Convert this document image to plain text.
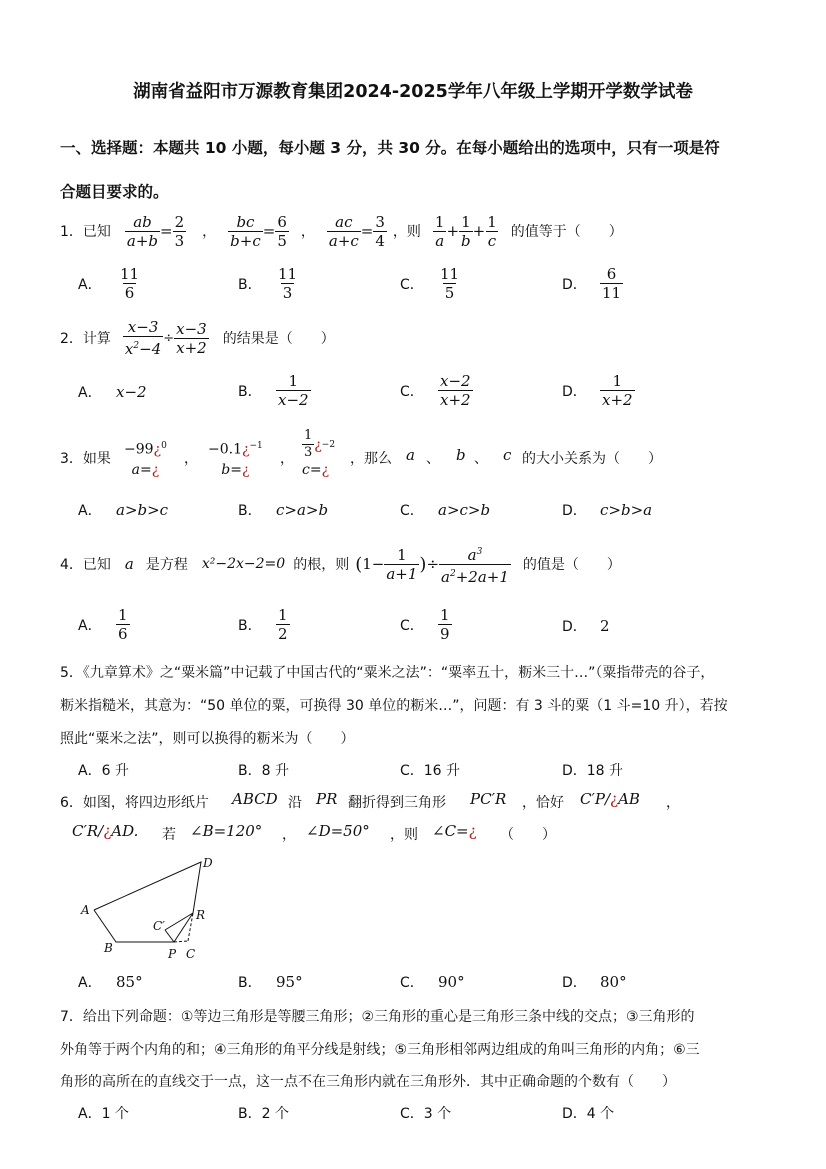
湖南省益阳市万源教育集团2024-2025学年八年级上学期开学数学试卷
一、选择题：本题共 10 小题，每小题 3 分，共 30 分。在每小题给出的选项中，只有一项是符
合题目要求的。
1．已知 $\frac{ab}{a+b} = \frac{2}{3}$ ， $\frac{bc}{b+c} = \frac{6}{5}$ ， $\frac{ac}{a+c} = \frac{3}{4}$ ，则 $\frac{1}{a} + \frac{1}{b} + \frac{1}{c}$ 的值等于（　　）
A．	$\frac{11}{6}$	B． $\frac{11}{3}$	C． $\frac{11}{5}$	D． $\frac{6}{11}$
2．计算 $\frac{x-3}{x^2-4} \div \frac{x-3}{x+2}$ 的结果是（　　）
A． x−2	B． $\frac{1}{x-2}$	C． $\frac{x-2}{x+2}$	D． $\frac{1}{x+2}$
3．如果
−99¿$^0$
a=¿
，
−0.1¿$^{-1}$
b=¿
， $\frac{1}{3}$ ¿ −2
c=¿
，那么 a 、 b 、 c 的大小关系为（　　）
A． a>b>c	B． c>a>b	C． a>c>b	D． c>b>a
4．已知 a 是方程 x²−2x−2=0 的根，则 ( $1- \frac{1}{a+1}$ ) ÷ $\frac{a^3}{a^2+2a+1}$ 的值是（　　）
A． $\frac{1}{6}$	B． $\frac{1}{2}$	C． $\frac{1}{9}$	D． 2
5．《九章算术》之“粟米篇”中记载了中国古代的“粟米之法”：“粟率五十，粝米三十…”（粟指带壳的谷子，
粝米指糙米，其意为：“50 单位的粟，可换得 30 单位的粝米…”，问题：有 3 斗的粟（1 斗=10 升），若按
照此“粟米之法”，则可以换得的粝米为（　　）
A．6 升	B．8 升	C．16 升	D．18 升
6．如图，将四边形纸片 ABCD 沿 PR 翻折得到三角形 PC′R ，恰好 C′P/¿AB ，
C′R/¿AD. 若 ∠B=120° ， ∠D=50° ，则 ∠C=¿ （　　）
A
B	P C
C′
R
D
A． 85°	B． 95°	C． 90°	D． 80°
7．给出下列命题：①等边三角形是等腰三角形；②三角形的重心是三角形三条中线的交点；③三角形的
外角等于两个内角的和；④三角形的角平分线是射线；⑤三角形相邻两边组成的角叫三角形的内角；⑥三
角形的高所在的直线交于一点，这一点不在三角形内就在三角形外．其中正确命题的个数有（　　）
A．1 个	B．2 个	C．3 个	D．4 个
